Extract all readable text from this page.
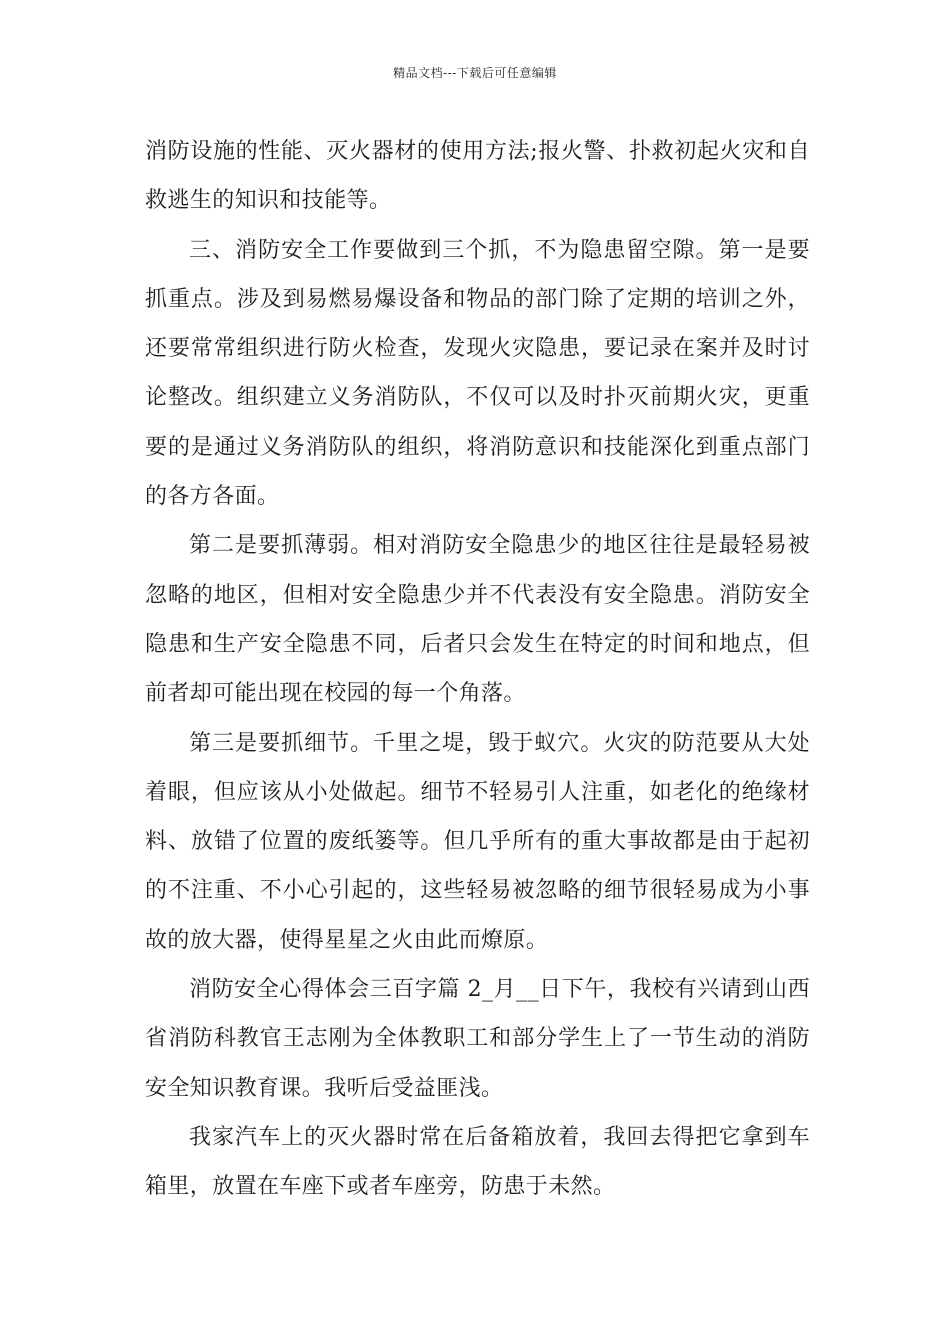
精品文档---下载后可任意编辑

消防设施的性能、灭火器材的使用方法;报火警、扑救初起火灾和自救逃生的知识和技能等。

三、消防安全工作要做到三个抓，不为隐患留空隙。第一是要抓重点。涉及到易燃易爆设备和物品的部门除了定期的培训之外，还要常常组织进行防火检查，发现火灾隐患，要记录在案并及时讨论整改。组织建立义务消防队，不仅可以及时扑灭前期火灾，更重要的是通过义务消防队的组织，将消防意识和技能深化到重点部门的各方各面。

第二是要抓薄弱。相对消防安全隐患少的地区往往是最轻易被忽略的地区，但相对安全隐患少并不代表没有安全隐患。消防安全隐患和生产安全隐患不同，后者只会发生在特定的时间和地点，但前者却可能出现在校园的每一个角落。

第三是要抓细节。千里之堤，毁于蚁穴。火灾的防范要从大处着眼，但应该从小处做起。细节不轻易引人注重，如老化的绝缘材料、放错了位置的废纸篓等。但几乎所有的重大事故都是由于起初的不注重、不小心引起的，这些轻易被忽略的细节很轻易成为小事故的放大器，使得星星之火由此而燎原。

消防安全心得体会三百字篇 2_月__日下午，我校有兴请到山西省消防科教官王志刚为全体教职工和部分学生上了一节生动的消防安全知识教育课。我听后受益匪浅。

我家汽车上的灭火器时常在后备箱放着，我回去得把它拿到车箱里，放置在车座下或者车座旁，防患于未然。
